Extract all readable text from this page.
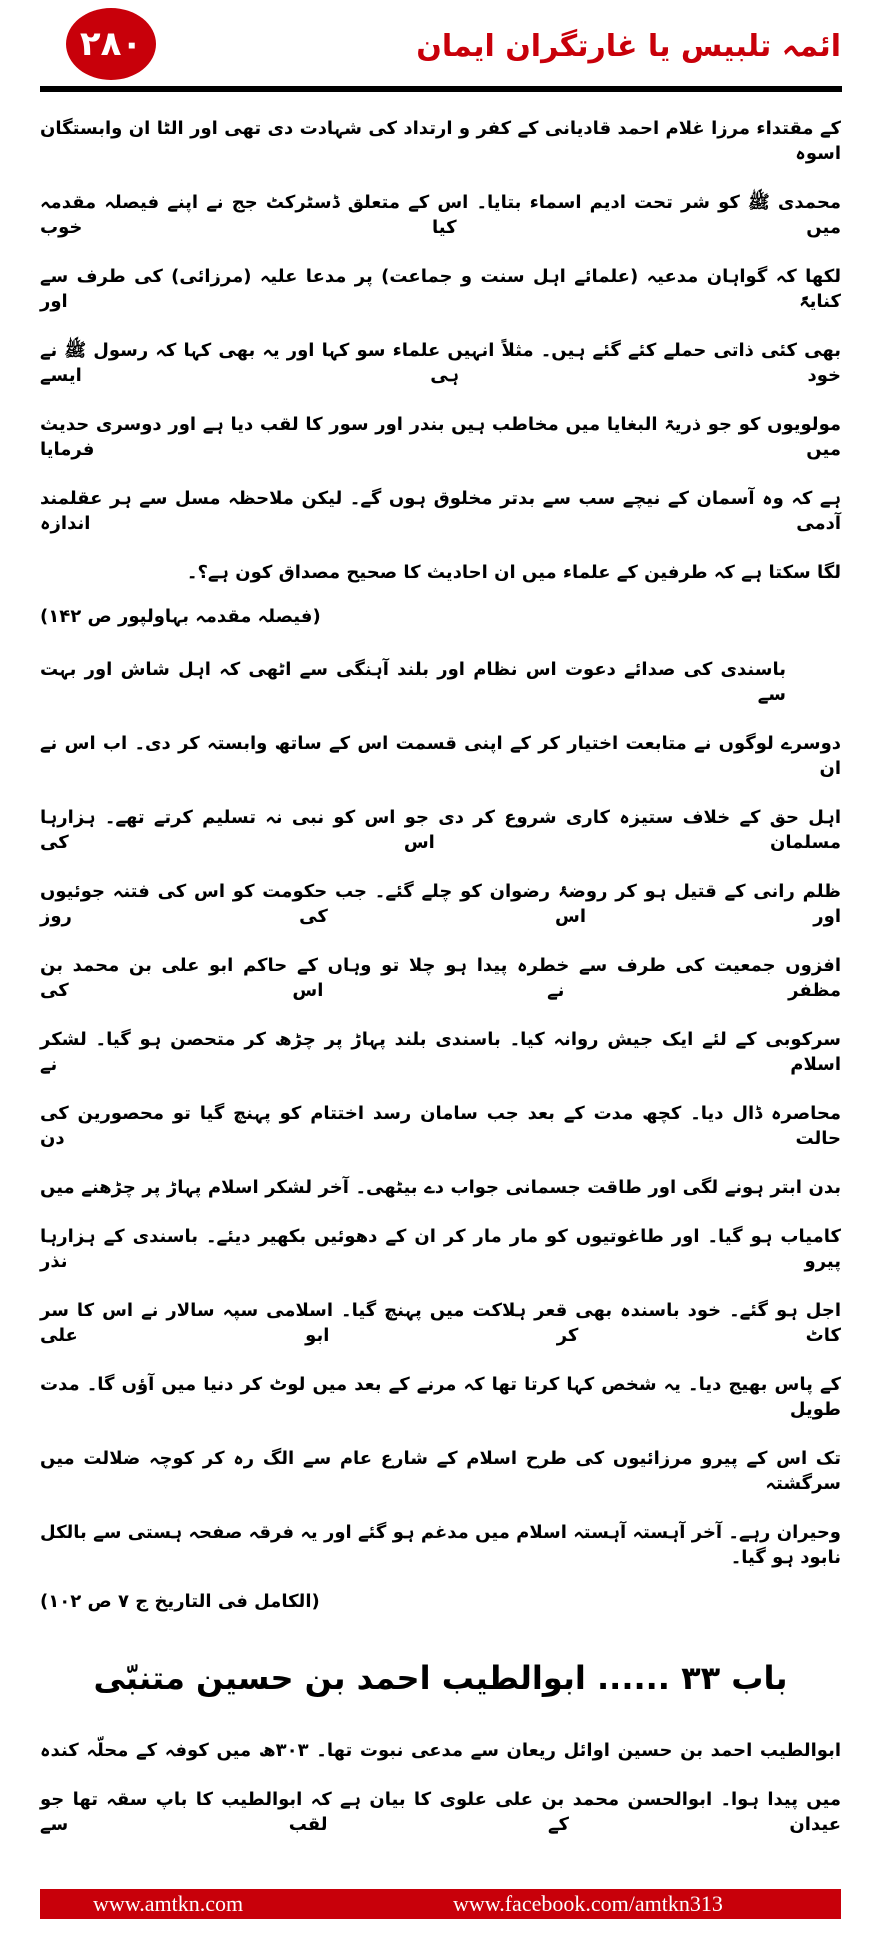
۲۸۰	ائمہ تلبیس یا غارتگران ایمان
کے مقتداء مرزا غلام احمد قادیانی کے کفر و ارتداد کی شہادت دی تھی اور الٹا ان وابستگان اسوہ
محمدی ﷺ کو شر تحت ادیم اسماء بتایا۔ اس کے متعلق ڈسٹرکٹ جج نے اپنے فیصلہ مقدمہ میں کیا خوب
لکھا کہ گواہان مدعیہ (علمائے اہل سنت و جماعت) پر مدعا علیہ (مرزائی) کی طرف سے کنایۃً اور
بھی کئی ذاتی حملے کئے گئے ہیں۔ مثلاً انہیں علماء سو کہا اور یہ بھی کہا کہ رسول ﷺ نے خود ہی ایسے
مولویوں کو جو ذریۃ البغایا میں مخاطب ہیں بندر اور سور کا لقب دیا ہے اور دوسری حدیث میں فرمایا
ہے کہ وہ آسمان کے نیچے سب سے بدتر مخلوق ہوں گے۔ لیکن ملاحظہ مسل سے ہر عقلمند آدمی اندازہ
لگا سکتا ہے کہ طرفین کے علماء میں ان احادیث کا صحیح مصداق کون ہے؟۔
(فیصلہ مقدمہ بہاولپور ص ۱۴۲)
باسندی کی صدائے دعوت اس نظام اور بلند آہنگی سے اٹھی کہ اہل شاش اور بہت سے
دوسرے لوگوں نے متابعت اختیار کر کے اپنی قسمت اس کے ساتھ وابستہ کر دی۔ اب اس نے ان
اہل حق کے خلاف ستیزہ کاری شروع کر دی جو اس کو نبی نہ تسلیم کرتے تھے۔ ہزارہا مسلمان اس کی
ظلم رانی کے قتیل ہو کر روضۂ رضوان کو چلے گئے۔ جب حکومت کو اس کی فتنہ جوئیوں اور اس کی روز
افزوں جمعیت کی طرف سے خطرہ پیدا ہو چلا تو وہاں کے حاکم ابو علی بن محمد بن مظفر نے اس کی
سرکوبی کے لئے ایک جیش روانہ کیا۔ باسندی بلند پہاڑ پر چڑھ کر متحصن ہو گیا۔ لشکر اسلام نے
محاصرہ ڈال دیا۔ کچھ مدت کے بعد جب سامان رسد اختتام کو پہنچ گیا تو محصورین کی حالت دن
بدن ابتر ہونے لگی اور طاقت جسمانی جواب دے بیٹھی۔ آخر لشکر اسلام پہاڑ پر چڑھنے میں
کامیاب ہو گیا۔ اور طاغوتیوں کو مار مار کر ان کے دھوئیں بکھیر دیئے۔ باسندی کے ہزارہا پیرو نذر
اجل ہو گئے۔ خود باسندہ بھی قعر ہلاکت میں پہنچ گیا۔ اسلامی سپہ سالار نے اس کا سر کاٹ کر ابو علی
کے پاس بھیج دیا۔ یہ شخص کہا کرتا تھا کہ مرنے کے بعد میں لوٹ کر دنیا میں آؤں گا۔ مدت طویل
تک اس کے پیرو مرزائیوں کی طرح اسلام کے شارع عام سے الگ رہ کر کوچہ ضلالت میں سرگشتہ
وحیران رہے۔ آخر آہستہ آہستہ اسلام میں مدغم ہو گئے اور یہ فرقہ صفحہ ہستی سے بالکل نابود ہو گیا۔
(الکامل فی التاریخ ج ۷ ص ۱۰۲)
باب ۳۳ ...... ابوالطیب احمد بن حسین متنبّی
ابوالطیب احمد بن حسین اوائل ریعان سے مدعی نبوت تھا۔ ۳۰۳ھ میں کوفہ کے محلّہ کندہ
میں پیدا ہوا۔ ابوالحسن محمد بن علی علوی کا بیان ہے کہ ابوالطیب کا باپ سقہ تھا جو عیدان کے لقب سے
www.amtkn.com	www.facebook.com/amtkn313
